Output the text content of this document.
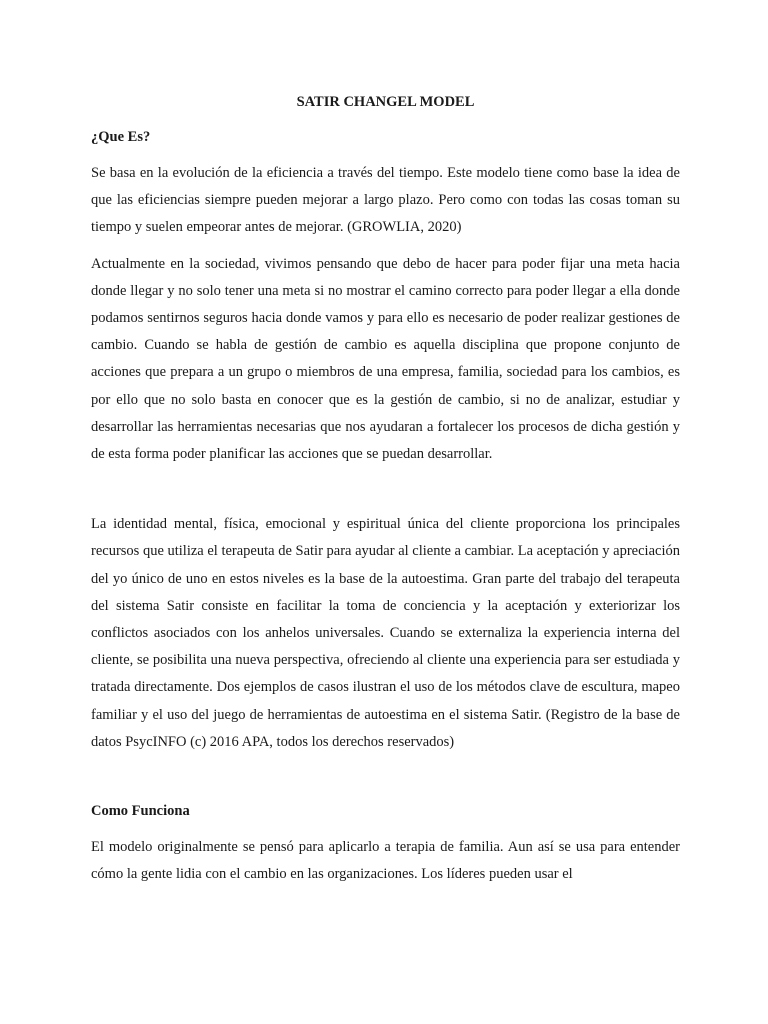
SATIR CHANGEL MODEL
¿Que Es?

Se basa en la evolución de la eficiencia a través del tiempo. Este modelo tiene como base la idea de que las eficiencias siempre pueden mejorar a largo plazo. Pero como con todas las cosas toman su tiempo y suelen empeorar antes de mejorar. (GROWLIA, 2020)

Actualmente en la sociedad, vivimos pensando que debo de hacer para poder fijar una meta hacia donde llegar y no solo tener una meta si no mostrar el camino correcto para poder llegar a ella donde podamos sentirnos seguros hacia donde vamos y para ello es necesario de poder realizar gestiones de cambio. Cuando se habla de gestión de cambio es aquella disciplina que propone conjunto de acciones que prepara a un grupo o miembros de una empresa, familia, sociedad para los cambios, es por ello que no solo basta en conocer que es la gestión de cambio, si no de analizar, estudiar y desarrollar las herramientas necesarias que nos ayudaran a fortalecer los procesos de dicha gestión y de esta forma poder planificar las acciones que se puedan desarrollar.

La identidad mental, física, emocional y espiritual única del cliente proporciona los principales recursos que utiliza el terapeuta de Satir para ayudar al cliente a cambiar. La aceptación y apreciación del yo único de uno en estos niveles es la base de la autoestima. Gran parte del trabajo del terapeuta del sistema Satir consiste en facilitar la toma de conciencia y la aceptación y exteriorizar los conflictos asociados con los anhelos universales. Cuando se externaliza la experiencia interna del cliente, se posibilita una nueva perspectiva, ofreciendo al cliente una experiencia para ser estudiada y tratada directamente. Dos ejemplos de casos ilustran el uso de los métodos clave de escultura, mapeo familiar y el uso del juego de herramientas de autoestima en el sistema Satir. (Registro de la base de datos PsycINFO (c) 2016 APA, todos los derechos reservados)

Como Funciona

El modelo originalmente se pensó para aplicarlo a terapia de familia. Aun así se usa para entender cómo la gente lidia con el cambio en las organizaciones. Los líderes pueden usar el
